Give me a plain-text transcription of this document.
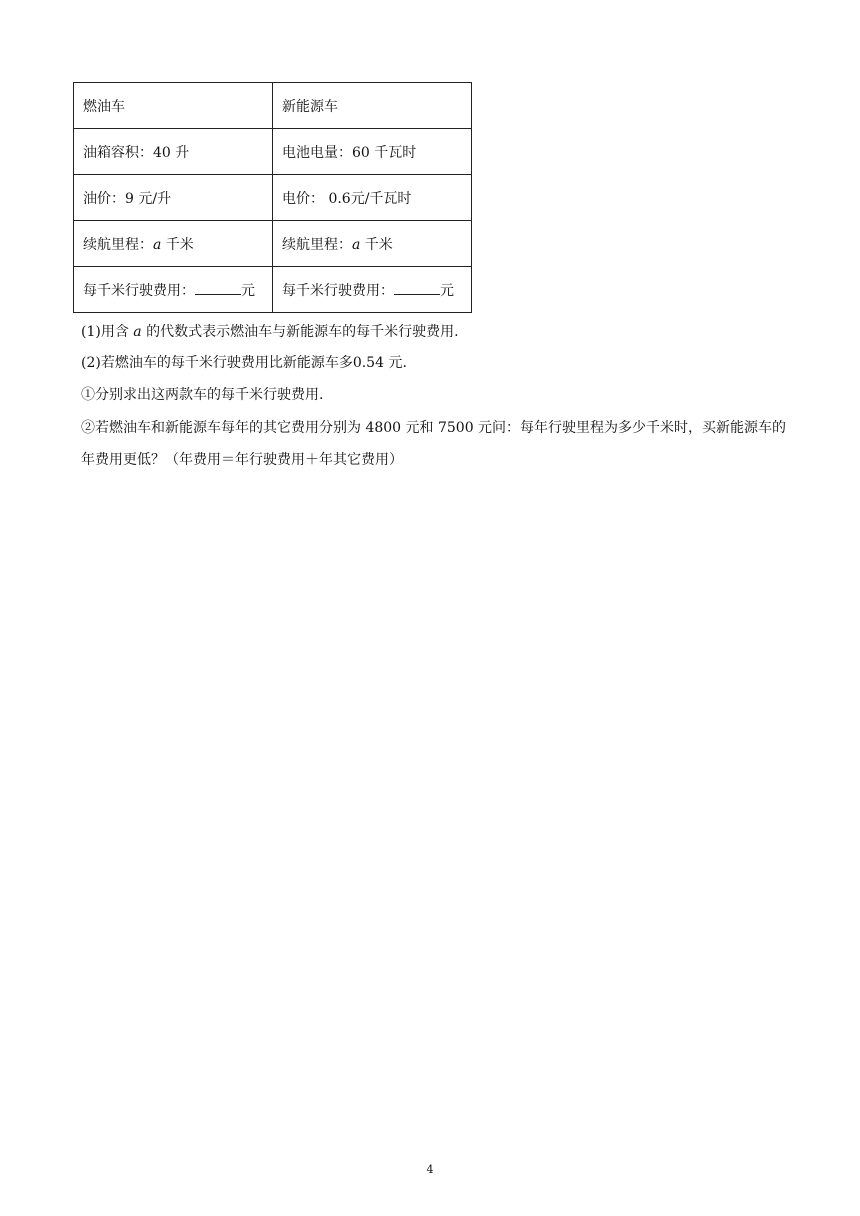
燃油车	新能源车
油箱容积：40 升	电池电量：60 千瓦时
油价：9 元/升	电价： 0.6元/千瓦时
续航里程：a 千米	续航里程：a 千米
每千米行驶费用： 元	每千米行驶费用： 元
(1)用含 a 的代数式表示燃油车与新能源车的每千米行驶费用.
(2)若燃油车的每千米行驶费用比新能源车多0.54 元.
①分别求出这两款车的每千米行驶费用.
②若燃油车和新能源车每年的其它费用分别为 4800 元和 7500 元问：每年行驶里程为多少千米时，买新能源车的年费用更低？（年费用＝年行驶费用＋年其它费用）
4
